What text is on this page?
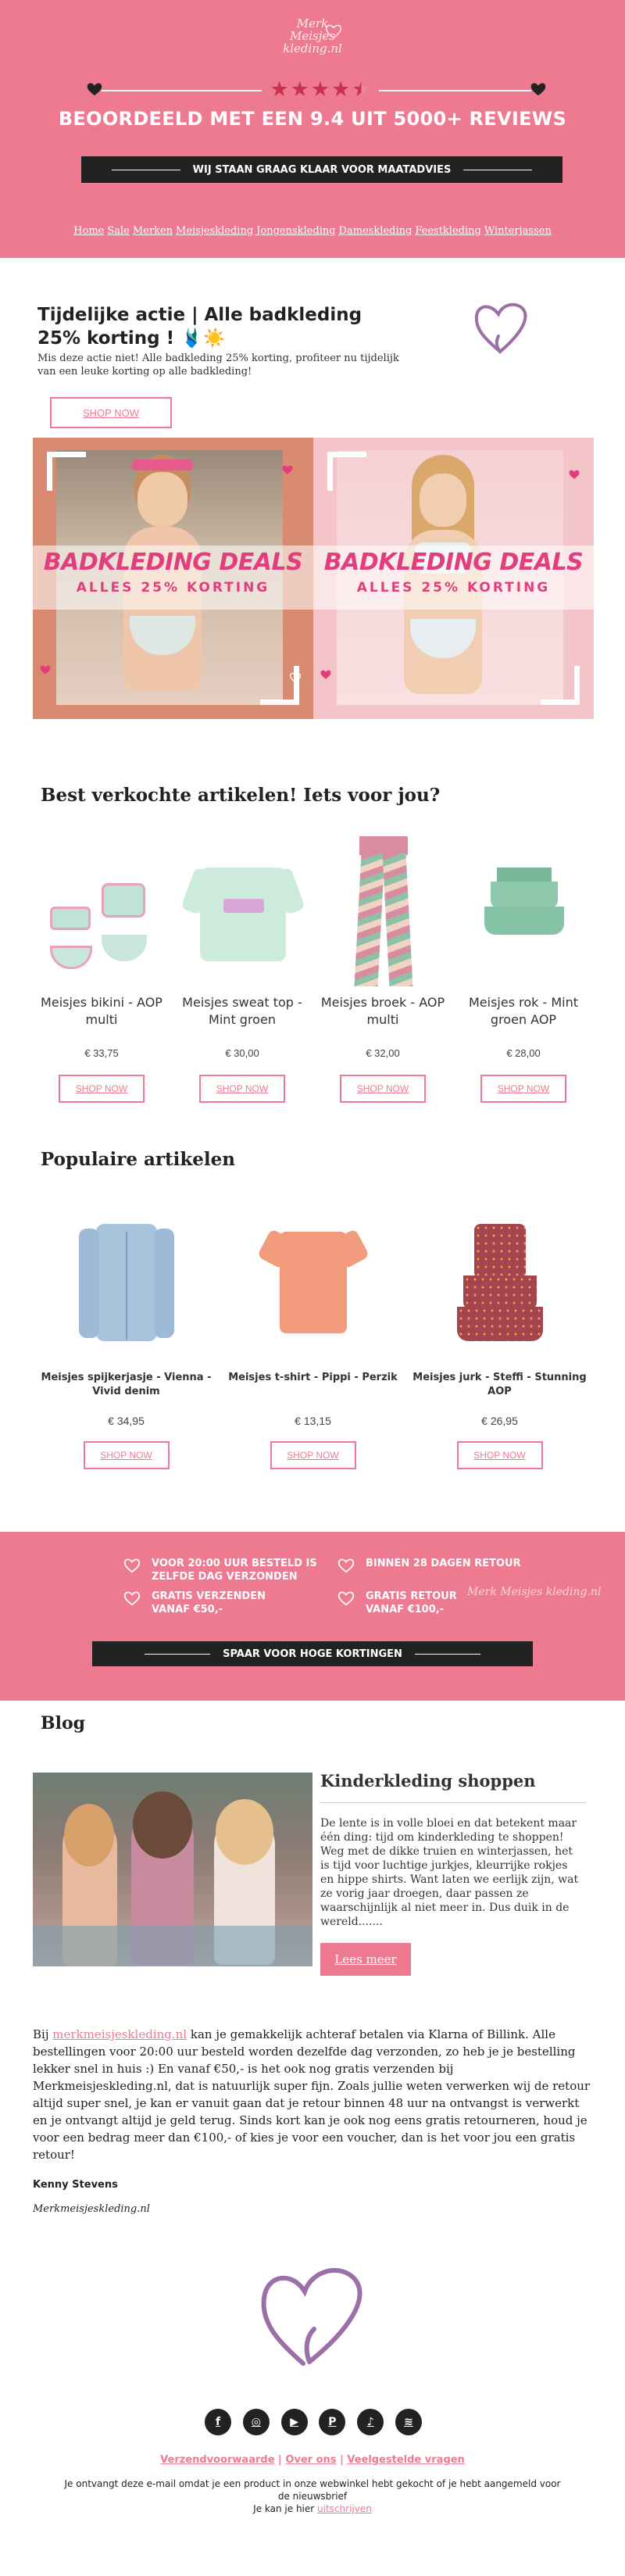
Merk Meisjes kleding.nl
★ ★ ★ ★ ★
BEOORDEELD MET EEN 9.4 UIT 5000+ REVIEWS
WIJ STAAN GRAAG KLAAR VOOR MAATADVIES
Home Sale Merken Meisjeskleding Jongenskleding Dameskleding Feestkleding Winterjassen
Tijdelijke actie | Alle badkleding 25% korting ! 🩱☀️

Mis deze actie niet! Alle badkleding 25% korting, profiteer nu tijdelijk van een leuke korting op alle badkleding!

SHOP NOW
BADKLEDING DEALS
ALLES 25% KORTING
BADKLEDING DEALS
ALLES 25% KORTING
Best verkochte artikelen! Iets voor jou?
Meisjes bikini - AOP multi
€ 33,75
SHOP NOW
Meisjes sweat top - Mint groen
€ 30,00
SHOP NOW
Meisjes broek - AOP multi
€ 32,00
SHOP NOW
Meisjes rok - Mint groen AOP
€ 28,00
SHOP NOW
Populaire artikelen
Meisjes spijkerjasje - Vienna - Vivid denim
€ 34,95
SHOP NOW
Meisjes t-shirt - Pippi - Perzik
€ 13,15
SHOP NOW
Meisjes jurk - Steffi - Stunning AOP
€ 26,95
SHOP NOW
VOOR 20:00 UUR BESTELD IS ZELFDE DAG VERZONDEN
BINNEN 28 DAGEN RETOUR
GRATIS VERZENDEN VANAF €50,-
GRATIS RETOUR VANAF €100,-
Merk Meisjes kleding.nl
SPAAR VOOR HOGE KORTINGEN
Blog
Kinderkleding shoppen

De lente is in volle bloei en dat betekent maar één ding: tijd om kinderkleding te shoppen! Weg met de dikke truien en winterjassen, het is tijd voor luchtige jurkjes, kleurrijke rokjes en hippe shirts. Want laten we eerlijk zijn, wat ze vorig jaar droegen, daar passen ze waarschijnlijk al niet meer in. Dus duik in de wereld.......

Lees meer

Bij merkmeisjeskleding.nl kan je gemakkelijk achteraf betalen via Klarna of Billink. Alle bestellingen voor 20:00 uur besteld worden dezelfde dag verzonden, zo heb je je bestelling lekker snel in huis :) En vanaf €50,- is het ook nog gratis verzenden bij Merkmeisjeskleding.nl, dat is natuurlijk super fijn. Zoals jullie weten verwerken wij de retour altijd super snel, je kan er vanuit gaan dat je retour binnen 48 uur na ontvangst is verwerkt en je ontvangt altijd je geld terug. Sinds kort kan je ook nog eens gratis retourneren, houd je voor een bedrag meer dan €100,- of kies je voor een voucher, dan is het voor jou een gratis retour!

Kenny Stevens
Merkmeisjeskleding.nl
f	◎	▶	P	♪	≋
Verzendvoorwaarde | Over ons | Veelgestelde vragen
Je ontvangt deze e-mail omdat je een product in onze webwinkel hebt gekocht of je hebt aangemeld voor de nieuwsbrief
Je kan je hier uitschrijven
